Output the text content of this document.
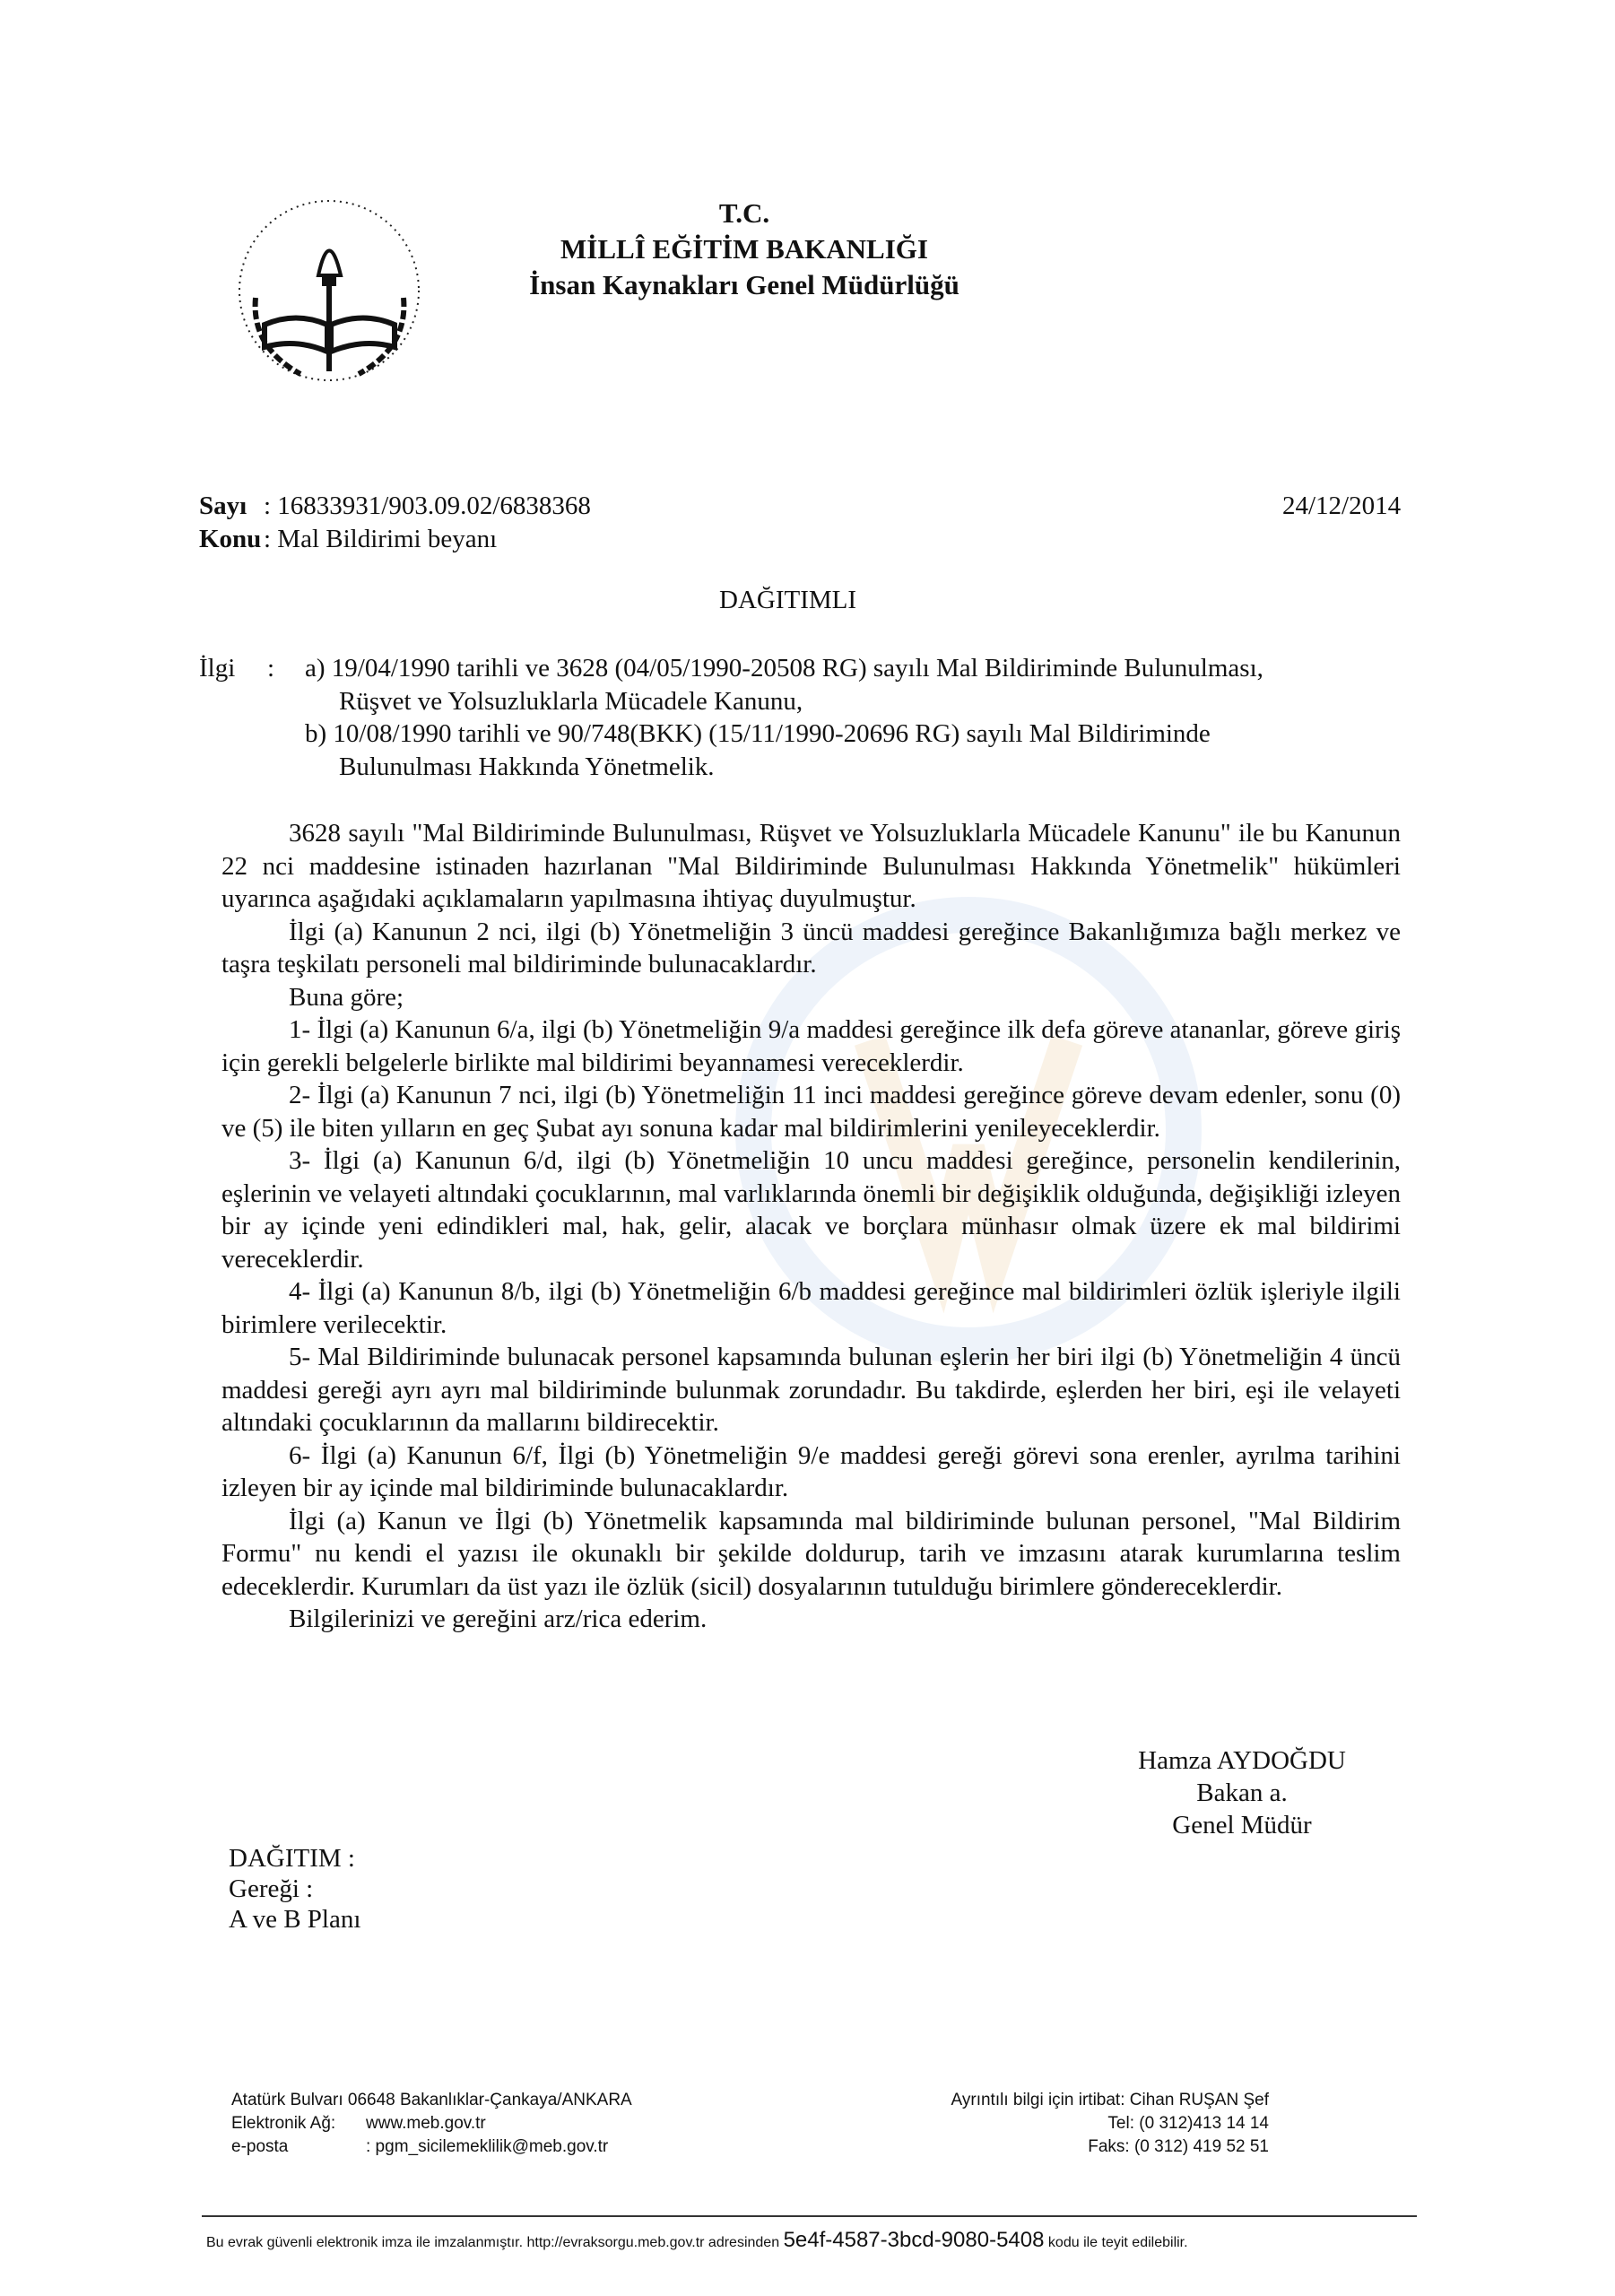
T.C.
MİLLÎ EĞİTİM BAKANLIĞI
İnsan Kaynakları Genel Müdürlüğü
Sayı : 16833931/903.09.02/6838368	24/12/2014
Konu: Mal Bildirimi beyanı
DAĞITIMLI
İlgi	:	a) 19/04/1990 tarihli ve 3628 (04/05/1990-20508 RG) sayılı Mal Bildiriminde Bulunulması,
Rüşvet ve Yolsuzluklarla Mücadele Kanunu,
b) 10/08/1990 tarihli ve 90/748(BKK) (15/11/1990-20696 RG) sayılı Mal Bildiriminde
Bulunulması Hakkında Yönetmelik.

3628 sayılı "Mal Bildiriminde Bulunulması, Rüşvet ve Yolsuzluklarla Mücadele Kanunu" ile bu Kanunun 22 nci maddesine istinaden hazırlanan "Mal Bildiriminde Bulunulması Hakkında Yönetmelik" hükümleri uyarınca aşağıdaki açıklamaların yapılmasına ihtiyaç duyulmuştur.

İlgi (a) Kanunun 2 nci, ilgi (b) Yönetmeliğin 3 üncü maddesi gereğince Bakanlığımıza bağlı merkez ve taşra teşkilatı personeli mal bildiriminde bulunacaklardır.

Buna göre;

1- İlgi (a) Kanunun 6/a, ilgi (b) Yönetmeliğin 9/a maddesi gereğince ilk defa göreve atananlar, göreve giriş için gerekli belgelerle birlikte mal bildirimi beyannamesi vereceklerdir.

2- İlgi (a) Kanunun 7 nci, ilgi (b) Yönetmeliğin 11 inci maddesi gereğince göreve devam edenler, sonu (0) ve (5) ile biten yılların en geç Şubat ayı sonuna kadar mal bildirimlerini yenileyeceklerdir.

3- İlgi (a) Kanunun 6/d, ilgi (b) Yönetmeliğin 10 uncu maddesi gereğince, personelin kendilerinin, eşlerinin ve velayeti altındaki çocuklarının, mal varlıklarında önemli bir değişiklik olduğunda, değişikliği izleyen bir ay içinde yeni edindikleri mal, hak, gelir, alacak ve borçlara münhasır olmak üzere ek mal bildirimi vereceklerdir.

4- İlgi (a) Kanunun 8/b, ilgi (b) Yönetmeliğin 6/b maddesi gereğince mal bildirimleri özlük işleriyle ilgili birimlere verilecektir.

5- Mal Bildiriminde bulunacak personel kapsamında bulunan eşlerin her biri ilgi (b) Yönetmeliğin 4 üncü maddesi gereği ayrı ayrı mal bildiriminde bulunmak zorundadır. Bu takdirde, eşlerden her biri, eşi ile velayeti altındaki çocuklarının da mallarını bildirecektir.

6- İlgi (a) Kanunun 6/f, İlgi (b) Yönetmeliğin 9/e maddesi gereği görevi sona erenler, ayrılma tarihini izleyen bir ay içinde mal bildiriminde bulunacaklardır.

İlgi (a) Kanun ve İlgi (b) Yönetmelik kapsamında mal bildiriminde bulunan personel, "Mal Bildirim Formu" nu kendi el yazısı ile okunaklı bir şekilde doldurup, tarih ve imzasını atarak kurumlarına teslim edeceklerdir. Kurumları da üst yazı ile özlük (sicil) dosyalarının tutulduğu birimlere göndereceklerdir.

Bilgilerinizi ve gereğini arz/rica ederim.

Hamza AYDOĞDU
Bakan a.
Genel Müdür
DAĞITIM :
Gereği :
A ve B Planı
Atatürk Bulvarı 06648 Bakanlıklar-Çankaya/ANKARA
Elektronik Ağ: www.meb.gov.tr
e-posta	: pgm_sicilemeklilik@meb.gov.tr
Ayrıntılı bilgi için irtibat: Cihan RUŞAN Şef
Tel: (0 312)413 14 14
Faks: (0 312) 419 52 51
Bu evrak güvenli elektronik imza ile imzalanmıştır. http://evraksorgu.meb.gov.tr adresinden 5e4f-4587-3bcd-9080-5408 kodu ile teyit edilebilir.
